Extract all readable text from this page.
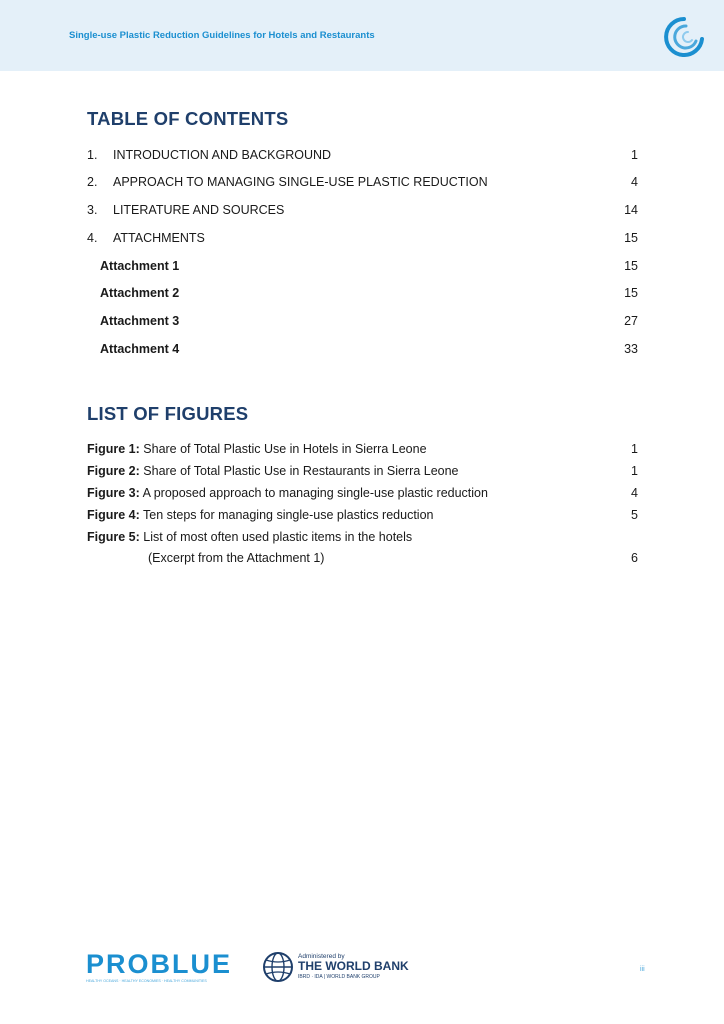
Single-use Plastic Reduction Guidelines for Hotels and Restaurants
TABLE OF CONTENTS
1. INTRODUCTION AND BACKGROUND	1
2. APPROACH TO MANAGING SINGLE-USE PLASTIC REDUCTION	4
3. LITERATURE AND SOURCES	14
4. ATTACHMENTS	15
Attachment 1	15
Attachment 2	15
Attachment 3	27
Attachment 4	33
LIST OF FIGURES
Figure 1: Share of Total Plastic Use in Hotels in Sierra Leone	1
Figure 2: Share of Total Plastic Use in Restaurants in Sierra Leone	1
Figure 3: A proposed approach to managing single-use plastic reduction	4
Figure 4: Ten steps for managing single-use plastics reduction	5
Figure 5: List of most often used plastic items in the hotels
(Excerpt from the Attachment 1)	6
PROBLUE
HEALTHY OCEANS · HEALTHY ECONOMIES · HEALTHY COMMUNITIES
Administered by
THE WORLD BANK
IBRD · IDA | WORLD BANK GROUP
iii
